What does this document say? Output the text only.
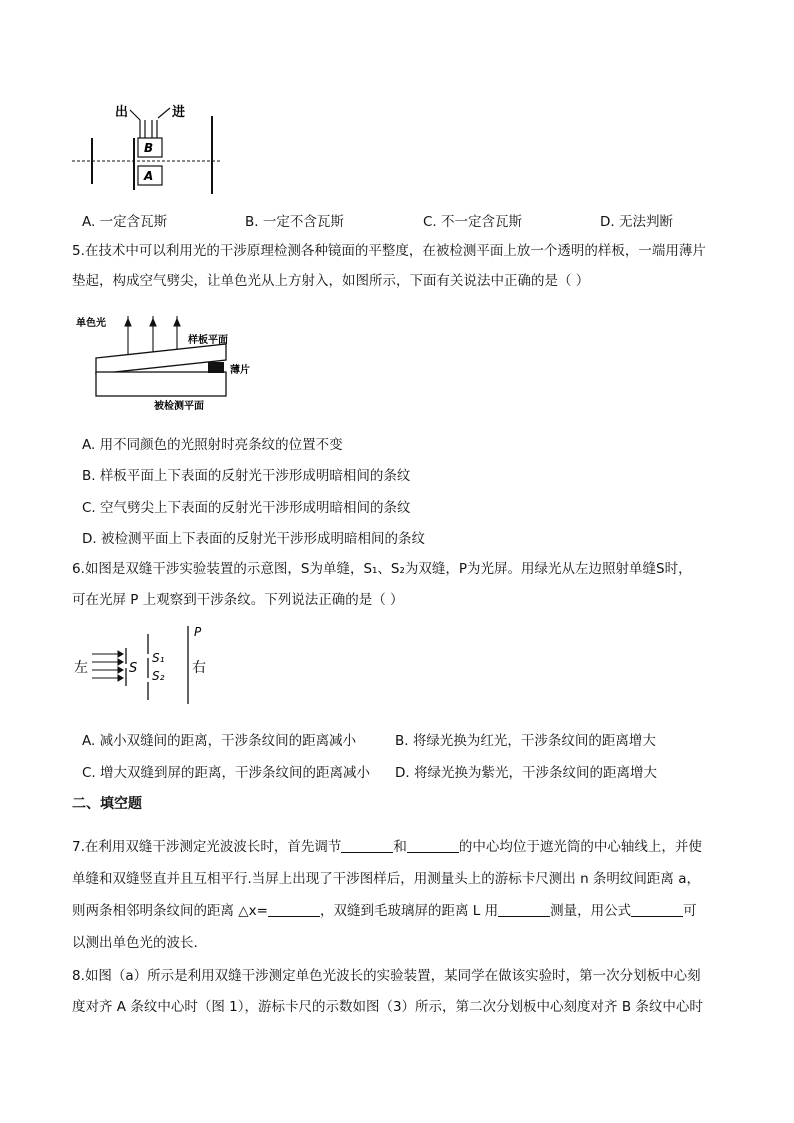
出	进
B
A
A. 一定含瓦斯	B. 一定不含瓦斯	C. 不一定含瓦斯	D. 无法判断
5.在技术中可以利用光的干涉原理检测各种镜面的平整度，在被检测平面上放一个透明的样板，一端用薄片
垫起，构成空气劈尖，让单色光从上方射入，如图所示，下面有关说法中正确的是（ ）
单色光
样板平面
薄片
被检测平面
A. 用不同颜色的光照射时亮条纹的位置不变
B. 样板平面上下表面的反射光干涉形成明暗相间的条纹
C. 空气劈尖上下表面的反射光干涉形成明暗相间的条纹
D. 被检测平面上下表面的反射光干涉形成明暗相间的条纹
6.如图是双缝干涉实验装置的示意图，S为单缝，S₁、S₂为双缝，P为光屏。用绿光从左边照射单缝S时，
可在光屏 P 上观察到干涉条纹。下列说法正确的是（ ）
左	S
S₁
S₂
P
右
A. 减小双缝间的距离，干涉条纹间的距离减小	B. 将绿光换为红光，干涉条纹间的距离增大
C. 增大双缝到屏的距离，干涉条纹间的距离减小 D. 将绿光换为紫光，干涉条纹间的距离增大
二、填空题
7.在利用双缝干涉测定光波波长时，首先调节	和	的中心均位于遮光筒的中心轴线上，并使
单缝和双缝竖直并且互相平行.当屏上出现了干涉图样后，用测量头上的游标卡尺测出 n 条明纹间距离 a，
则两条相邻明条纹间的距离 △x=	，双缝到毛玻璃屏的距离 L 用	测量，用公式	可
以测出单色光的波长.
8.如图（a）所示是利用双缝干涉测定单色光波长的实验装置，某同学在做该实验时，第一次分划板中心刻
度对齐 A 条纹中心时（图 1），游标卡尺的示数如图（3）所示，第二次分划板中心刻度对齐 B 条纹中心时
